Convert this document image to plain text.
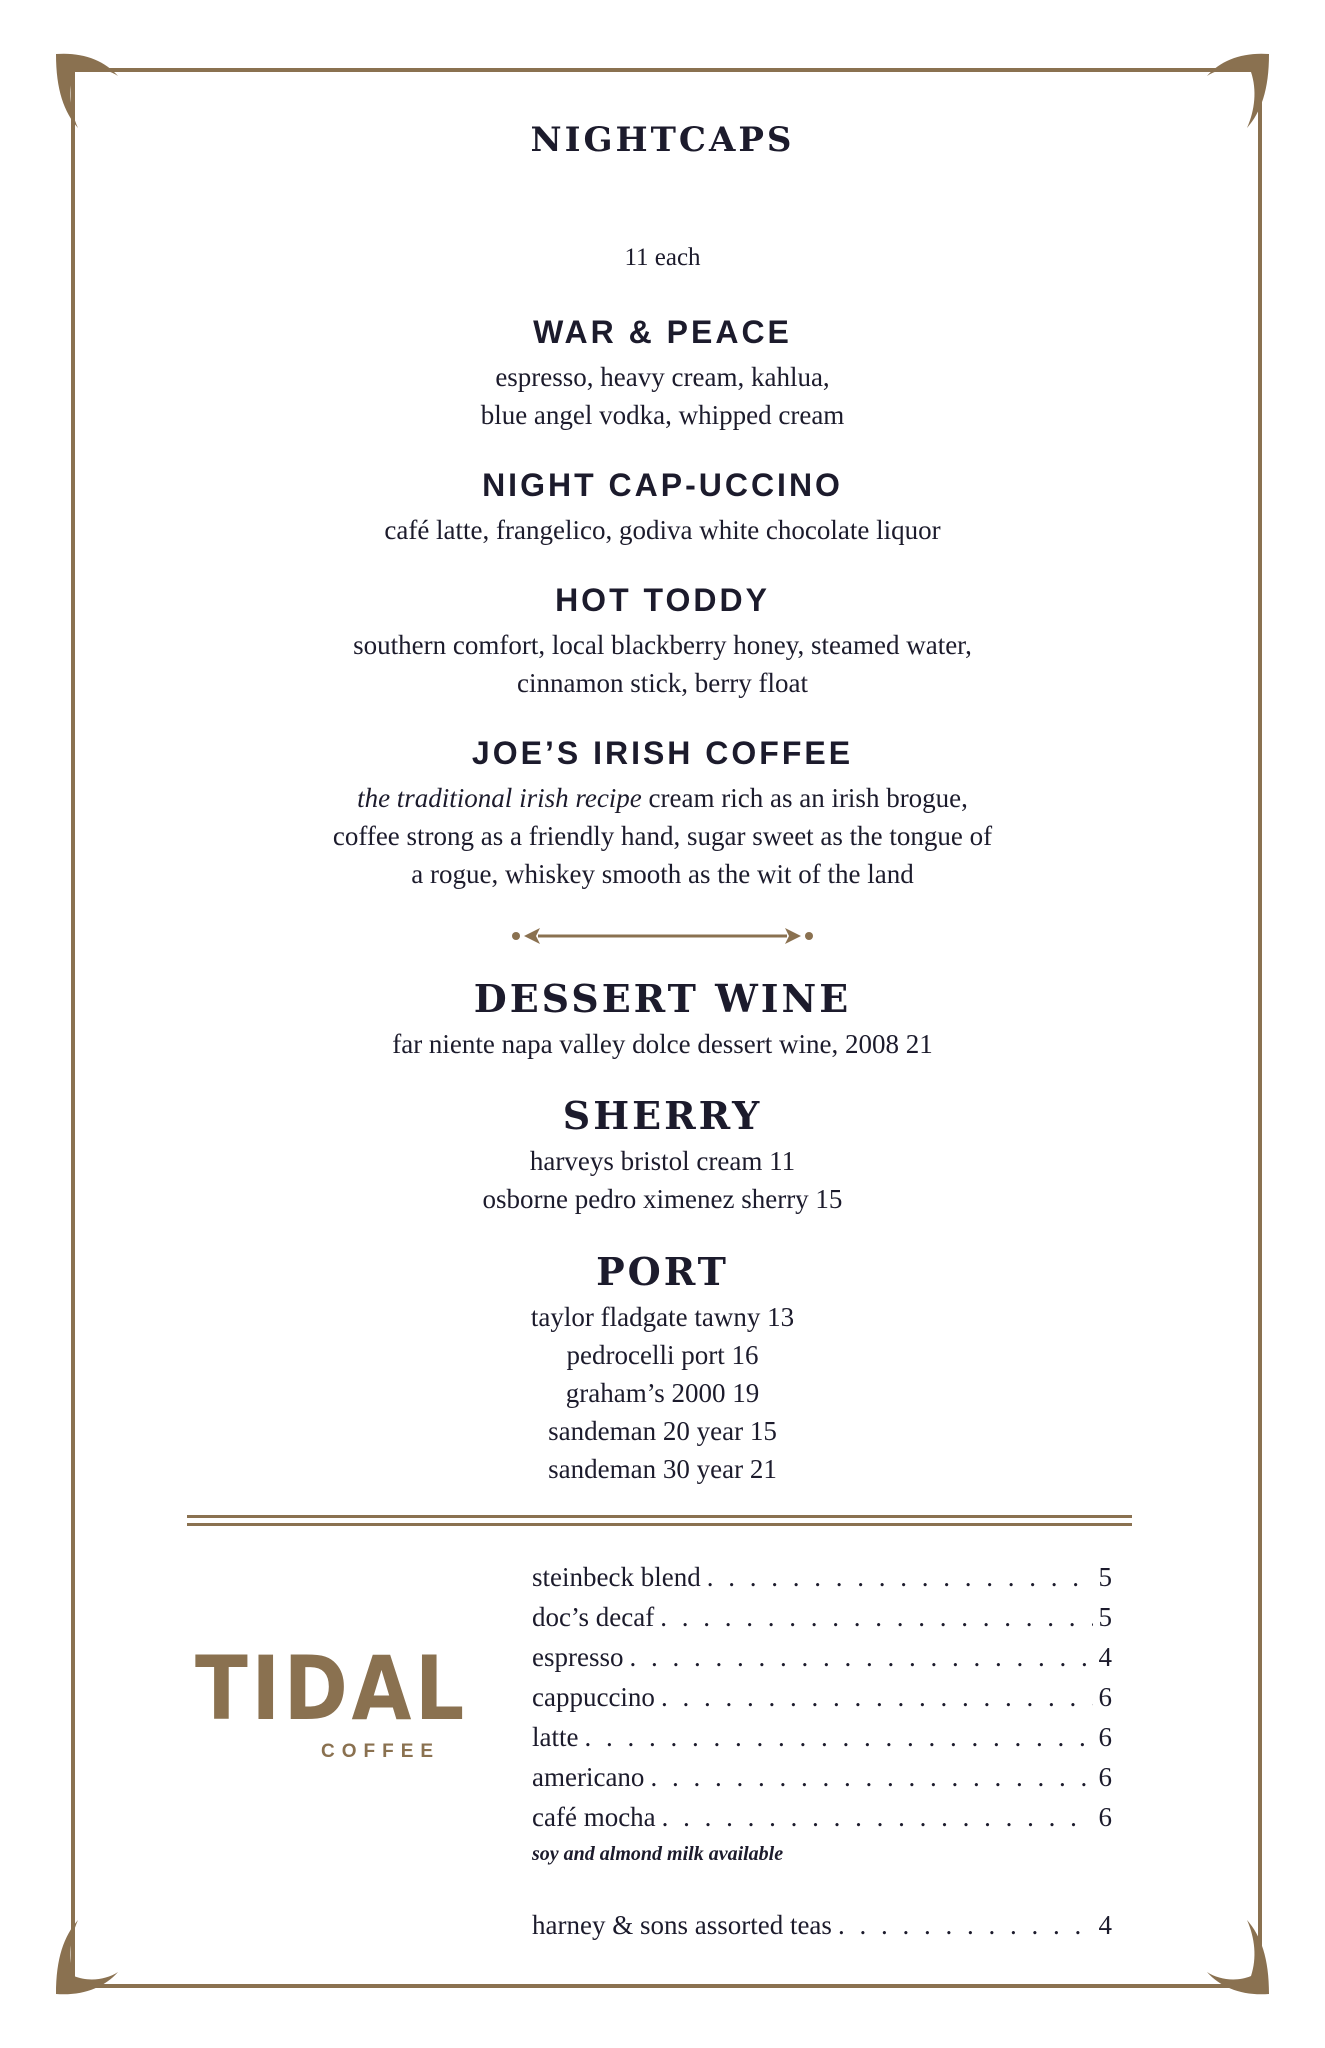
NIGHTCAPS
11 each
WAR & PEACE
espresso, heavy cream, kahlua,
blue angel vodka, whipped cream
NIGHT CAP-UCCINO
café latte, frangelico, godiva white chocolate liquor
HOT TODDY
southern comfort, local blackberry honey, steamed water,
cinnamon stick, berry float
JOE’S IRISH COFFEE
the traditional irish recipe cream rich as an irish brogue,
coffee strong as a friendly hand, sugar sweet as the tongue of
a rogue, whiskey smooth as the wit of the land
DESSERT WINE
far niente napa valley dolce dessert wine, 2008 21
SHERRY
harveys bristol cream 11
osborne pedro ximenez sherry 15
PORT
taylor fladgate tawny 13
pedrocelli port 16
graham’s 2000 19
sandeman 20 year 15
sandeman 30 year 21
TIDAL
COFFEE
steinbeck blend . . .	5
doc’s decaf . . .	5
espresso . . .	4
cappuccino . . .	6
latte . . .	6
americano . . .	6
café mocha . . .	6
soy and almond milk available
harney & sons assorted teas . . .	4
